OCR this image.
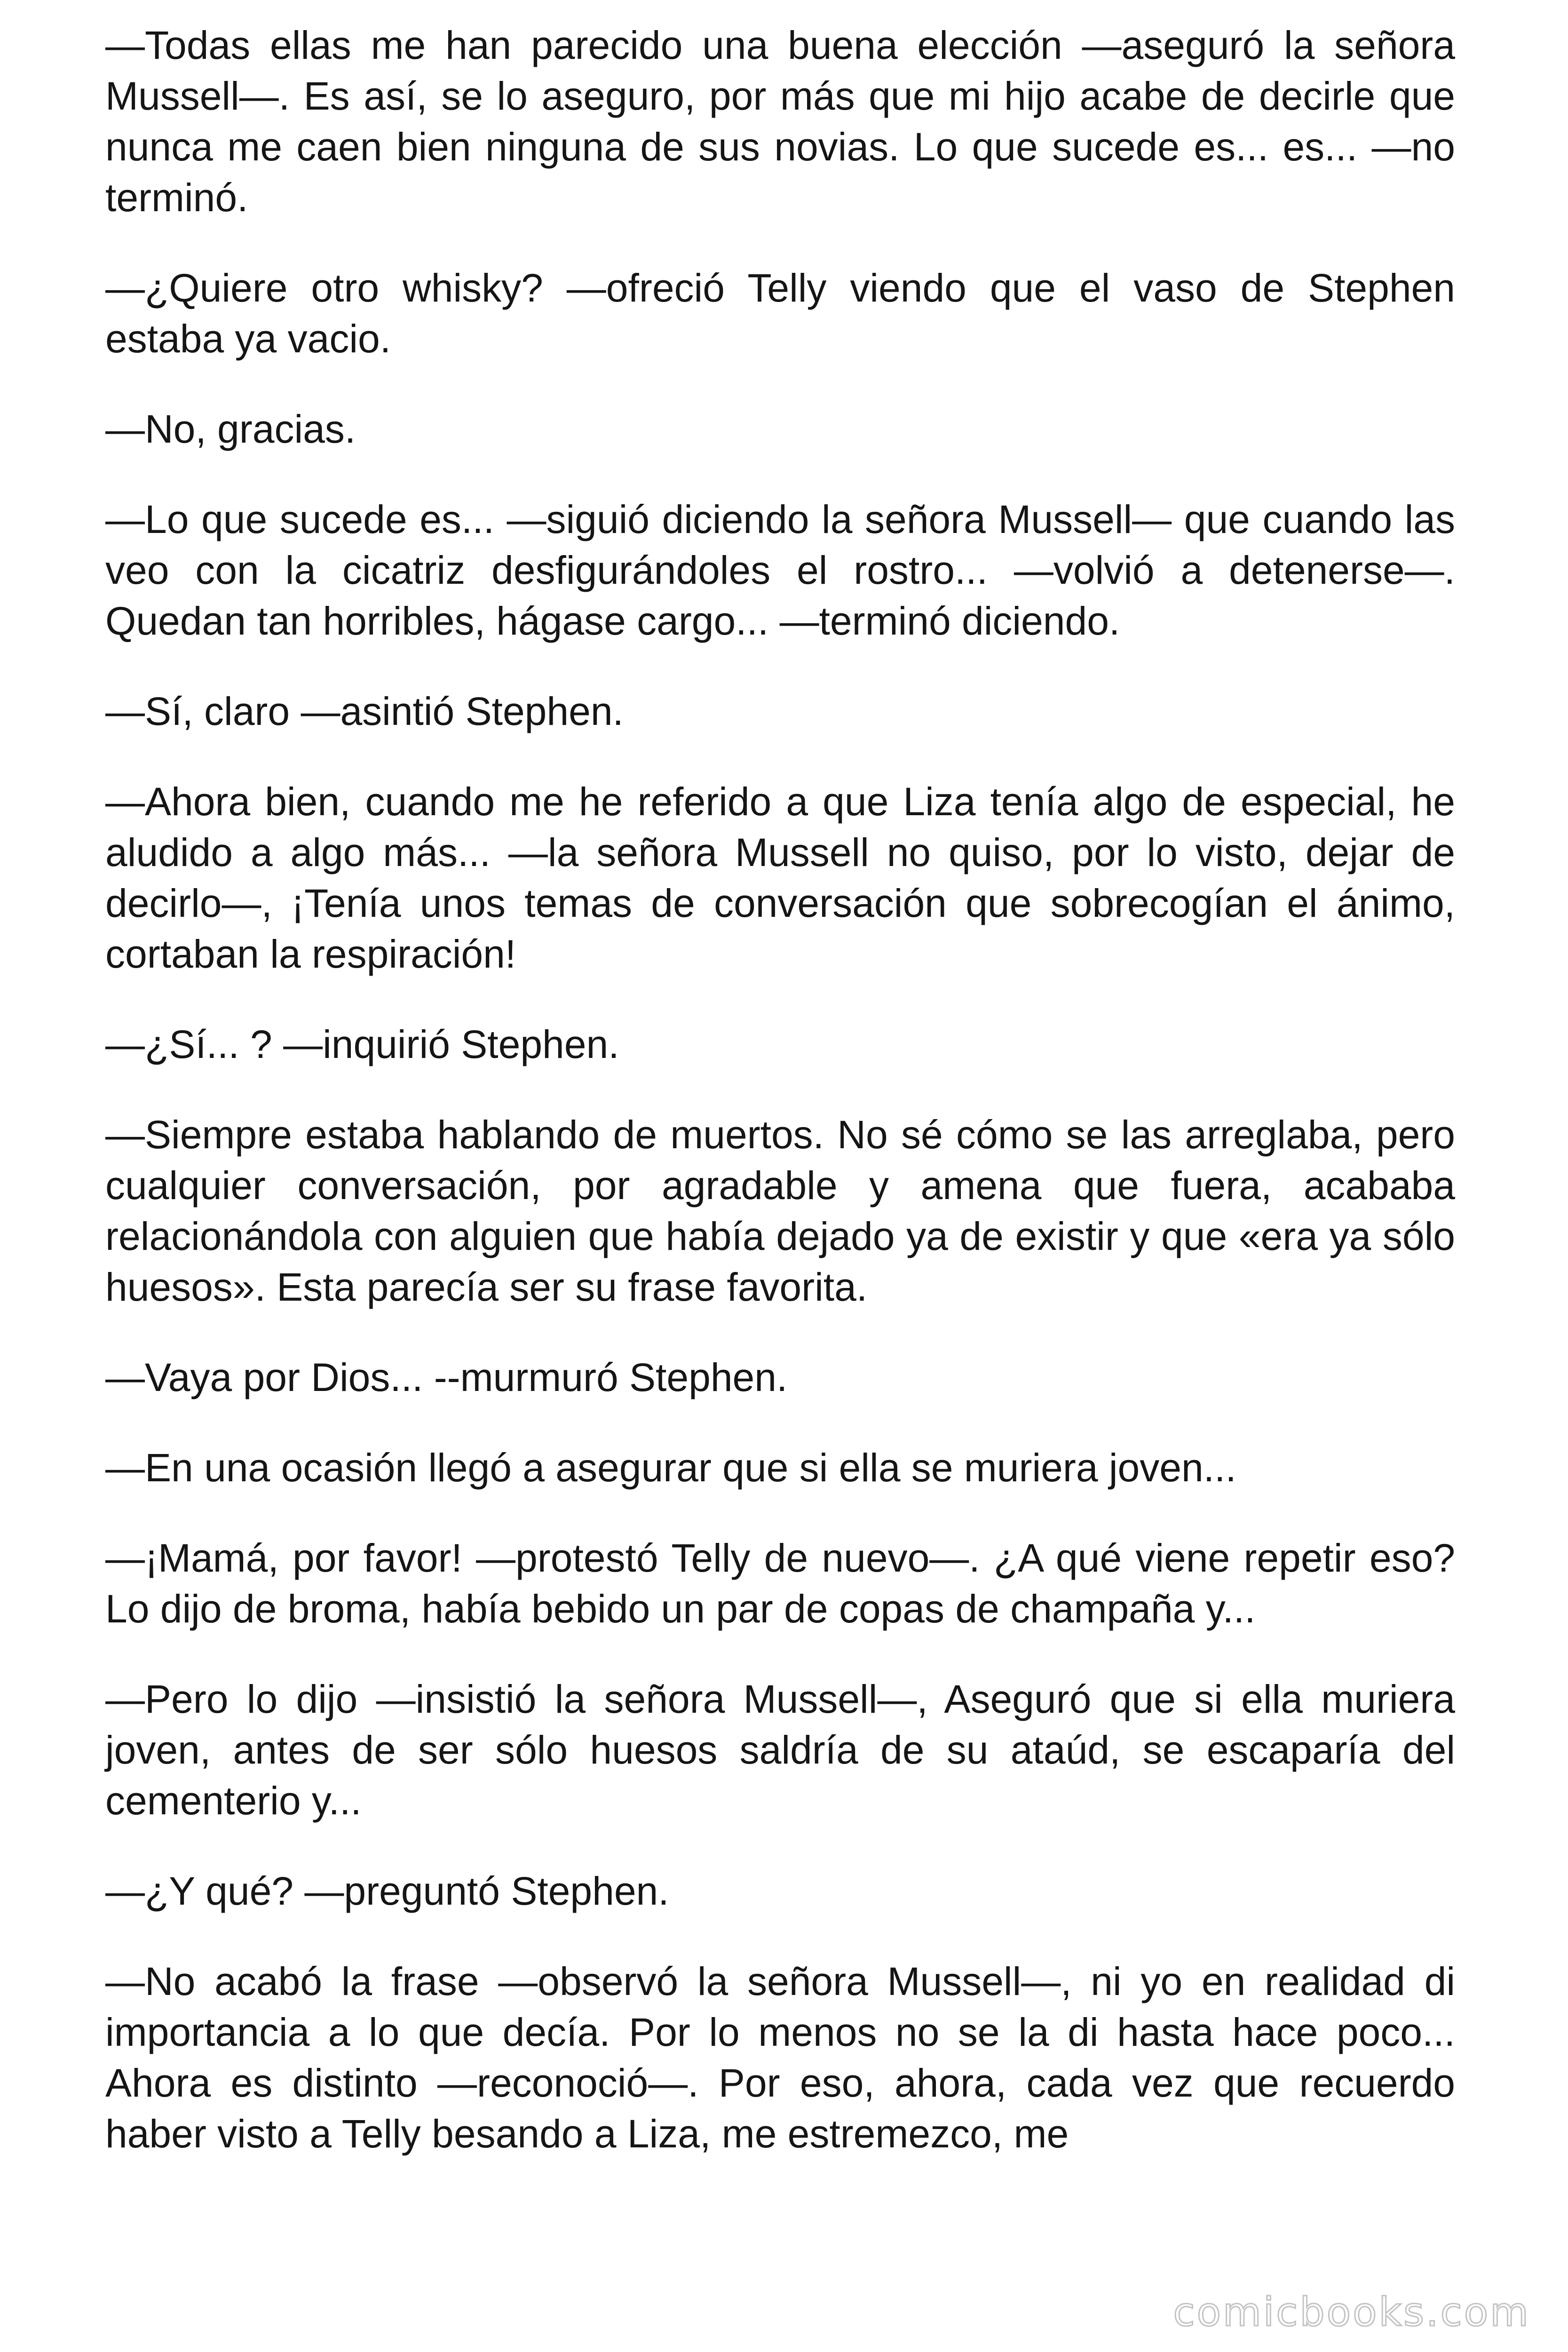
—Todas ellas me han parecido una buena elección —aseguró la señora Mussell—. Es así, se lo aseguro, por más que mi hijo acabe de decirle que nunca me caen bien ninguna de sus novias. Lo que sucede es... es... —no terminó.

—¿Quiere otro whisky? —ofreció Telly viendo que el vaso de Stephen estaba ya vacio.

—No, gracias.

—Lo que sucede es... —siguió diciendo la señora Mussell— que cuando las veo con la cicatriz desfigurándoles el rostro... —volvió a detenerse—. Quedan tan horribles, hágase cargo... —terminó diciendo.

—Sí, claro —asintió Stephen.

—Ahora bien, cuando me he referido a que Liza tenía algo de especial, he aludido a algo más... —la señora Mussell no quiso, por lo visto, dejar de decirlo—, ¡Tenía unos temas de conversación que sobrecogían el ánimo, cortaban la respiración!

—¿Sí... ? —inquirió Stephen.

—Siempre estaba hablando de muertos. No sé cómo se las arreglaba, pero cualquier conversación, por agradable y amena que fuera, acababa relacionándola con alguien que había dejado ya de existir y que «era ya sólo huesos». Esta parecía ser su frase favorita.

—Vaya por Dios... --murmuró Stephen.

—En una ocasión llegó a asegurar que si ella se muriera joven...

—¡Mamá, por favor! —protestó Telly de nuevo—. ¿A qué viene repetir eso? Lo dijo de broma, había bebido un par de copas de champaña y...

—Pero lo dijo —insistió la señora Mussell—, Aseguró que si ella muriera joven, antes de ser sólo huesos saldría de su ataúd, se escaparía del cementerio y...

—¿Y qué? —preguntó Stephen.

—No acabó la frase —observó la señora Mussell—, ni yo en realidad di importancia a lo que decía. Por lo menos no se la di hasta hace poco... Ahora es distinto —reconoció—. Por eso, ahora, cada vez que recuerdo haber visto a Telly besando a Liza, me estremezco, me

comicbooks.com
